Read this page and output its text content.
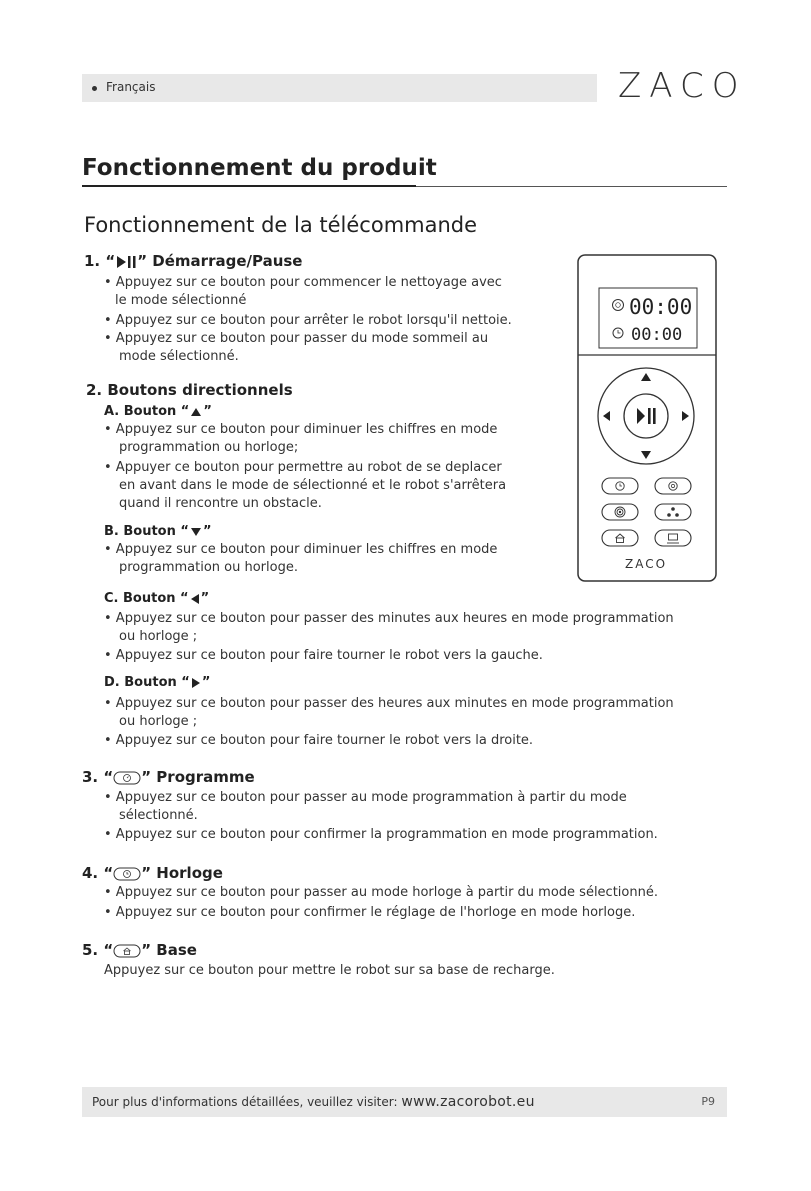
Français	ZACO
Fonctionnement du produit
Fonctionnement de la télécommande
1. “ ” Démarrage/Pause
• Appuyez sur ce bouton pour commencer le nettoyage avec
le mode sélectionné
• Appuyez sur ce bouton pour arrêter le robot lorsqu'il nettoie.
• Appuyez sur ce bouton pour passer du mode sommeil au
mode sélectionné.
2. Boutons directionnels
A. Bouton “ ”
• Appuyez sur ce bouton pour diminuer les chiffres en mode
programmation ou horloge;
• Appuyer ce bouton pour permettre au robot de se deplacer
en avant dans le mode de sélectionné et le robot s'arrêtera
quand il rencontre un obstacle.
B. Bouton “ ”
• Appuyez sur ce bouton pour diminuer les chiffres en mode
programmation ou horloge.
C. Bouton “ ”
• Appuyez sur ce bouton pour passer des minutes aux heures en mode programmation
ou horloge ;
• Appuyez sur ce bouton pour faire tourner le robot vers la gauche.
D. Bouton “ ”
• Appuyez sur ce bouton pour passer des heures aux minutes en mode programmation
ou horloge ;
• Appuyez sur ce bouton pour faire tourner le robot vers la droite.
3. “ ” Programme
• Appuyez sur ce bouton pour passer au mode programmation à partir du mode
sélectionné.
• Appuyez sur ce bouton pour confirmer la programmation en mode programmation.
4. “ ” Horloge
• Appuyez sur ce bouton pour passer au mode horloge à partir du mode sélectionné.
• Appuyez sur ce bouton pour confirmer le réglage de l'horloge en mode horloge.
5. “ ” Base
Appuyez sur ce bouton pour mettre le robot sur sa base de recharge.
00:00
00:00
ZACO
Pour plus d'informations détaillées, veuillez visiter: www.zacorobot.eu	P9
